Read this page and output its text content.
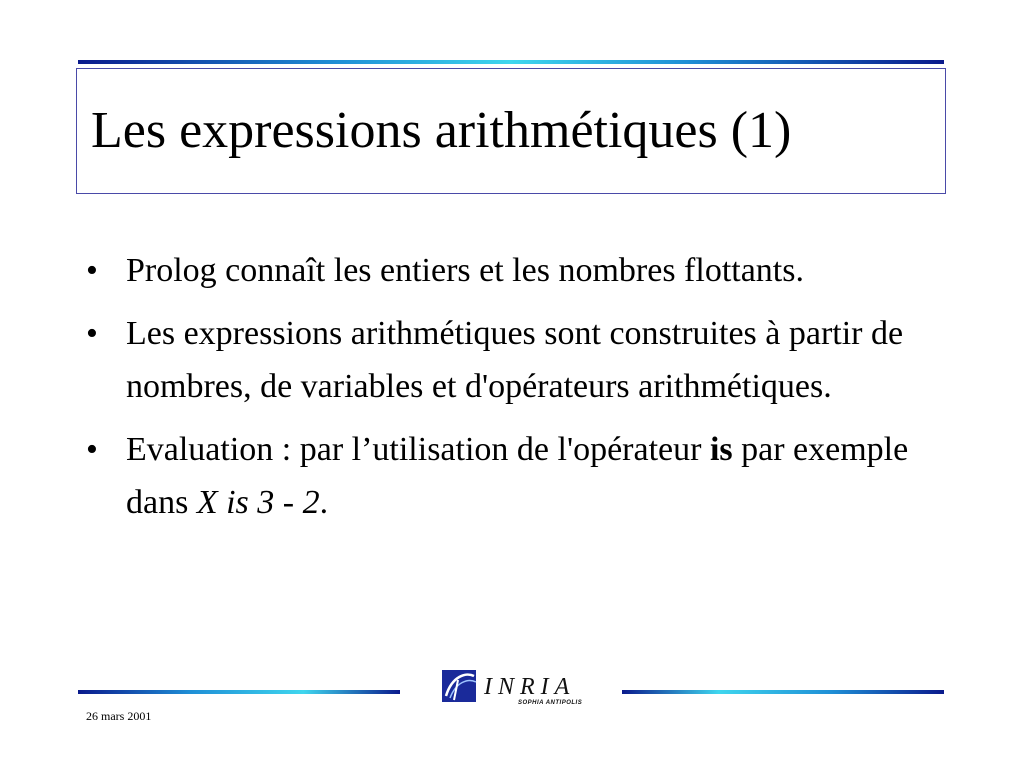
Les expressions arithmétiques (1)
• Prolog connaît les entiers et les nombres flottants.
• Les expressions arithmétiques sont construites à partir de nombres, de variables et d'opérateurs arithmétiques.
• Evaluation : par l’utilisation de l'opérateur is par exemple dans X is 3 - 2.
INRIA
SOPHIA ANTIPOLIS
26 mars 2001
